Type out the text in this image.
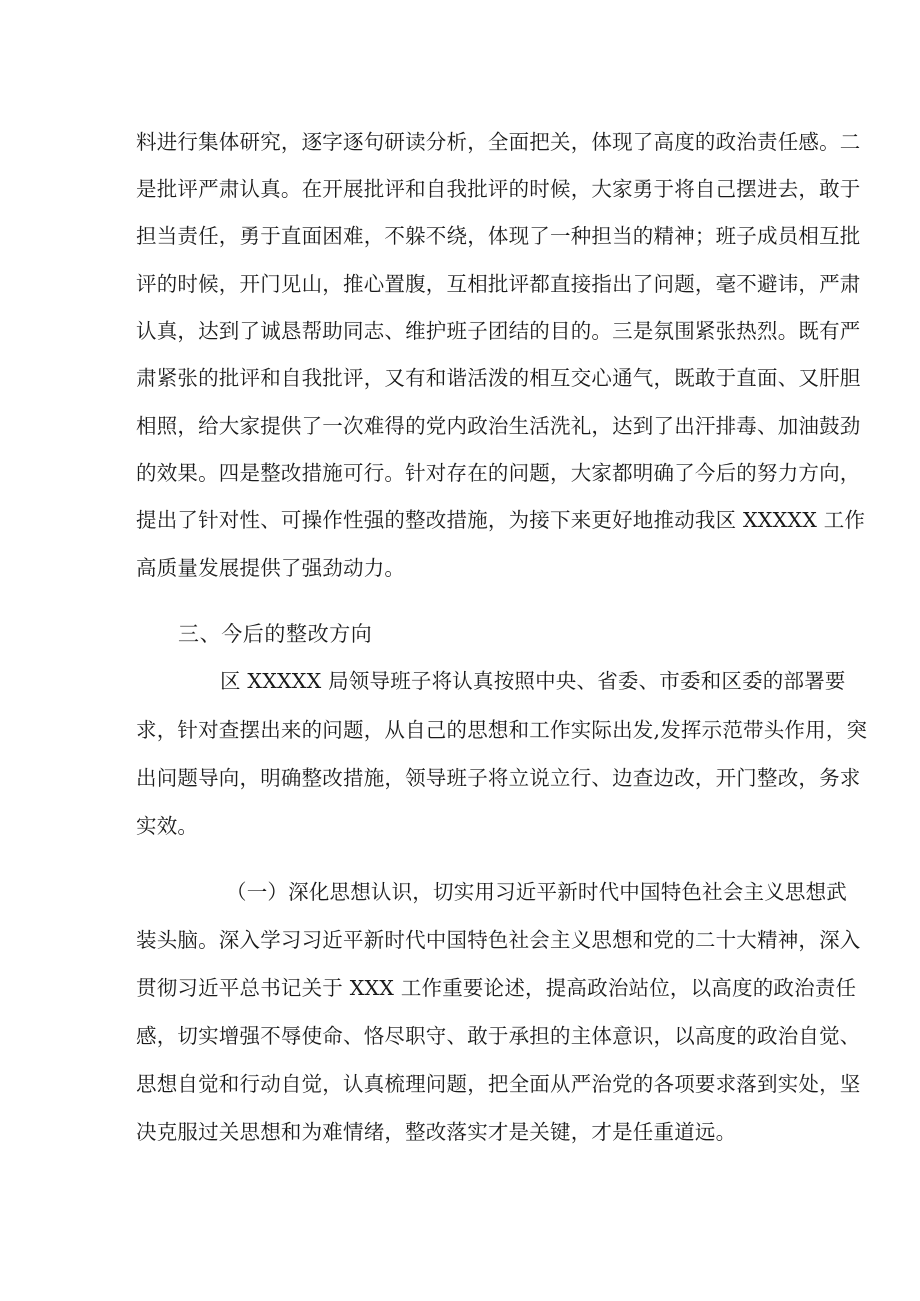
料进行集体研究，逐字逐句研读分析，全面把关，体现了高度的政治责任感。二
是批评严肃认真。在开展批评和自我批评的时候，大家勇于将自己摆进去，敢于
担当责任，勇于直面困难，不躲不绕，体现了一种担当的精神；班子成员相互批
评的时候，开门见山，推心置腹，互相批评都直接指出了问题，毫不避讳，严肃
认真，达到了诚恳帮助同志、维护班子团结的目的。三是氛围紧张热烈。既有严
肃紧张的批评和自我批评，又有和谐活泼的相互交心通气，既敢于直面、又肝胆
相照，给大家提供了一次难得的党内政治生活洗礼，达到了出汗排毒、加油鼓劲
的效果。四是整改措施可行。针对存在的问题，大家都明确了今后的努力方向，
提出了针对性、可操作性强的整改措施，为接下来更好地推动我区 XXXXX 工作
高质量发展提供了强劲动力。
三、今后的整改方向
区 XXXXX 局领导班子将认真按照中央、省委、市委和区委的部署要
求，针对查摆出来的问题，从自己的思想和工作实际出发,发挥示范带头作用，突
出问题导向，明确整改措施，领导班子将立说立行、边查边改，开门整改，务求
实效。
（一）深化思想认识，切实用习近平新时代中国特色社会主义思想武
装头脑。深入学习习近平新时代中国特色社会主义思想和党的二十大精神，深入
贯彻习近平总书记关于 XXX 工作重要论述，提高政治站位，以高度的政治责任
感，切实增强不辱使命、恪尽职守、敢于承担的主体意识，以高度的政治自觉、
思想自觉和行动自觉，认真梳理问题，把全面从严治党的各项要求落到实处，坚
决克服过关思想和为难情绪，整改落实才是关键，才是任重道远。
